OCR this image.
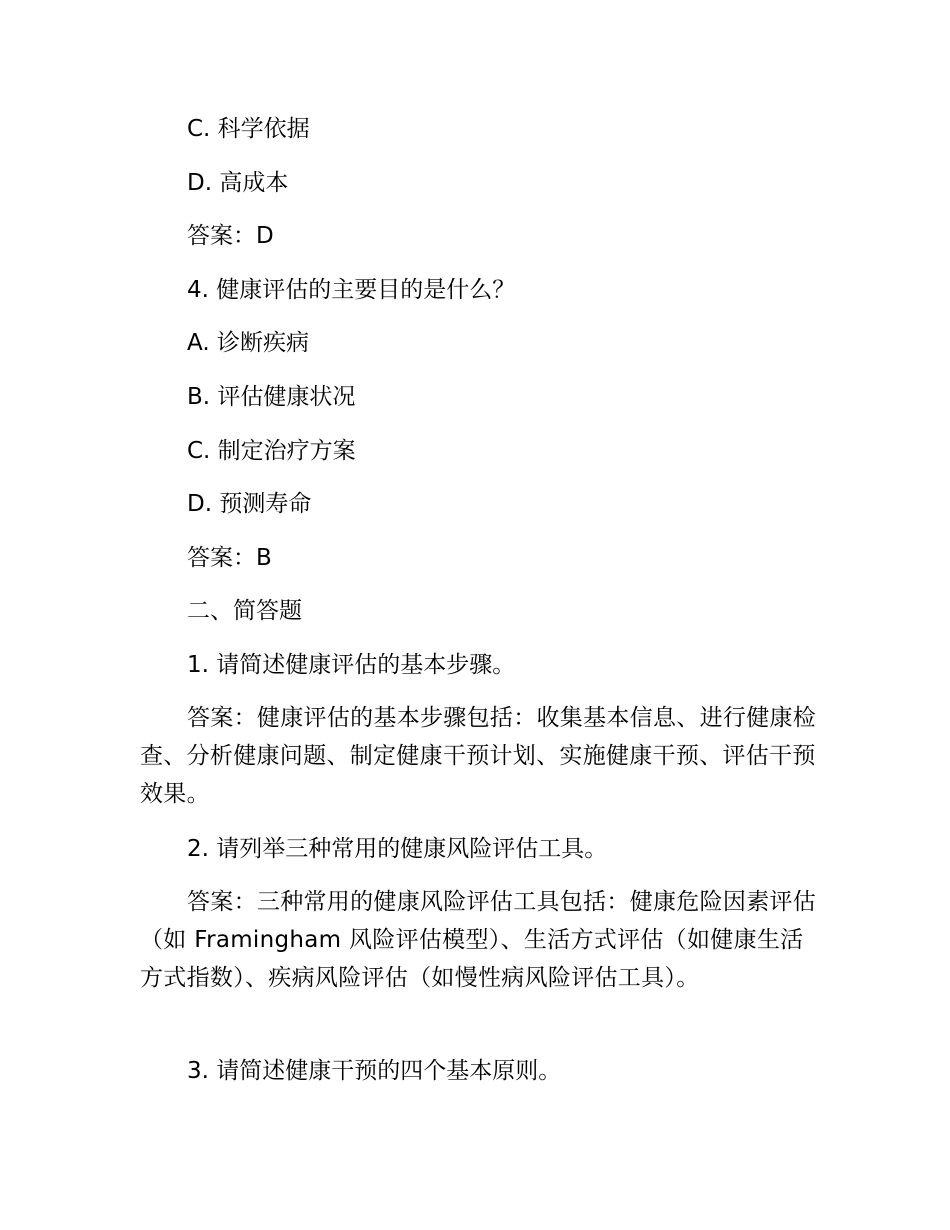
C. 科学依据
D. 高成本
答案：D
4. 健康评估的主要目的是什么？
A. 诊断疾病
B. 评估健康状况
C. 制定治疗方案
D. 预测寿命
答案：B
二、简答题
1. 请简述健康评估的基本步骤。
答案：健康评估的基本步骤包括：收集基本信息、进行健康检查、分析健康问题、制定健康干预计划、实施健康干预、评估干预效果。
2. 请列举三种常用的健康风险评估工具。
答案：三种常用的健康风险评估工具包括：健康危险因素评估（如 Framingham 风险评估模型）、生活方式评估（如健康生活方式指数）、疾病风险评估（如慢性病风险评估工具）。
3. 请简述健康干预的四个基本原则。
